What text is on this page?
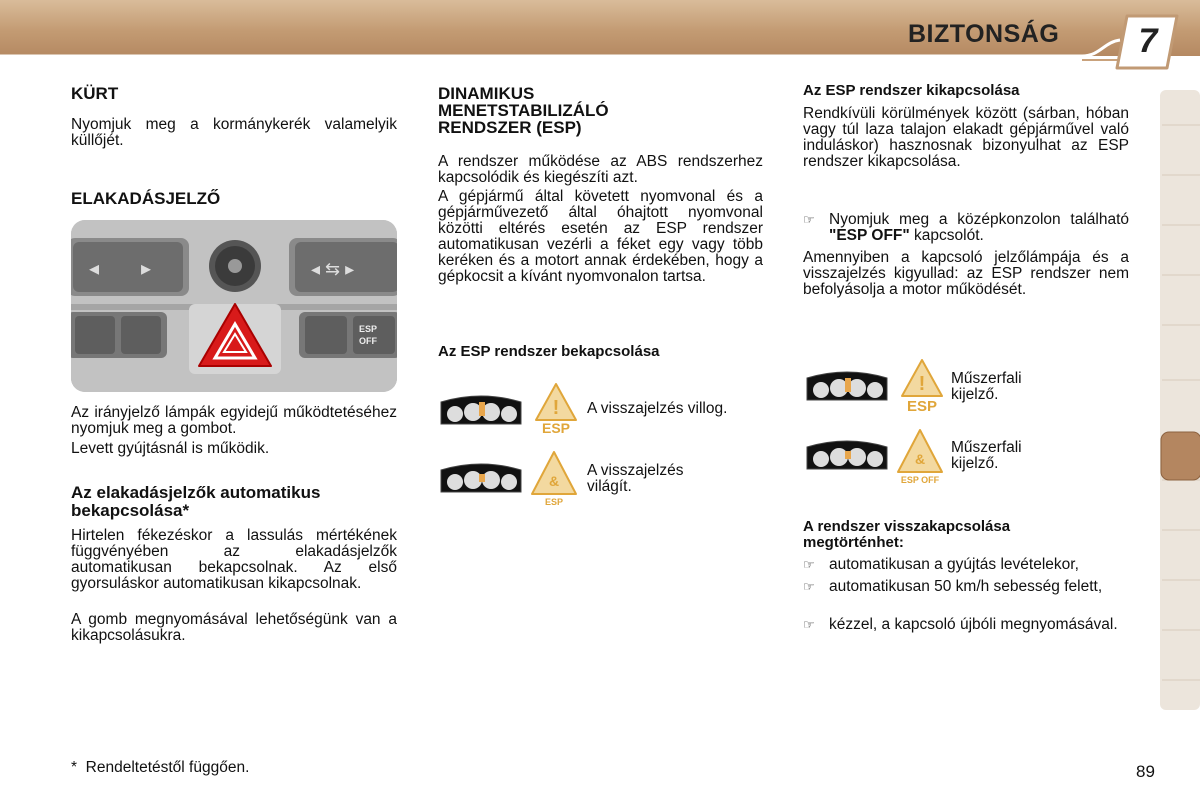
BIZTONSÁG	7
KÜRT
Nyomjuk meg a kormánykerék valamelyik küllőjét.
ELAKADÁSJELZŐ
◂ ▸	◂ ⇆ ▸
ESP
OFF
Az irányjelző lámpák egyidejű működtetéséhez nyomjuk meg a gombot.
Levett gyújtásnál is működik.
Az elakadásjelzők automatikus bekapcsolása*
Hirtelen fékezéskor a lassulás mértékének függvényében az elakadásjelzők automatikusan bekapcsolnak. Az első gyorsuláskor automatikusan kikapcsolnak.
A gomb megnyomásával lehetőségünk van a kikapcsolásukra.
DINAMIKUS MENETSTABILIZÁLÓ RENDSZER (ESP)
A rendszer működése az ABS rendszerhez kapcsolódik és kiegészíti azt.
A gépjármű által követett nyomvonal és a gépjárművezető által óhajtott nyomvonal közötti eltérés esetén az ESP rendszer automatikusan vezérli a féket egy vagy több keréken és a motort annak érdekében, hogy a gépkocsit a kívánt nyomvonalon tartsa.
Az ESP rendszer bekapcsolása
!
ESP
A visszajelzés villog.
&
ESP
A visszajelzés világít.
Az ESP rendszer kikapcsolása
Rendkívüli körülmények között (sárban, hóban vagy túl laza talajon elakadt gépjárművel való induláskor) hasznosnak bizonyulhat az ESP rendszer kikapcsolása.
☞ Nyomjuk meg a középkonzolon található "ESP OFF" kapcsolót.
Amennyiben a kapcsoló jelzőlámpája és a visszajelzés kigyullad: az ESP rendszer nem befolyásolja a motor működését.
!
ESP
Műszerfali kijelző.
&
ESP OFF
Műszerfali kijelző.
A rendszer visszakapcsolása megtörténhet:
☞ automatikusan a gyújtás levételekor,
☞ automatikusan 50 km/h sebesség felett,
☞ kézzel, a kapcsoló újbóli megnyomásával.
*  Rendeltetéstől függően.	89
